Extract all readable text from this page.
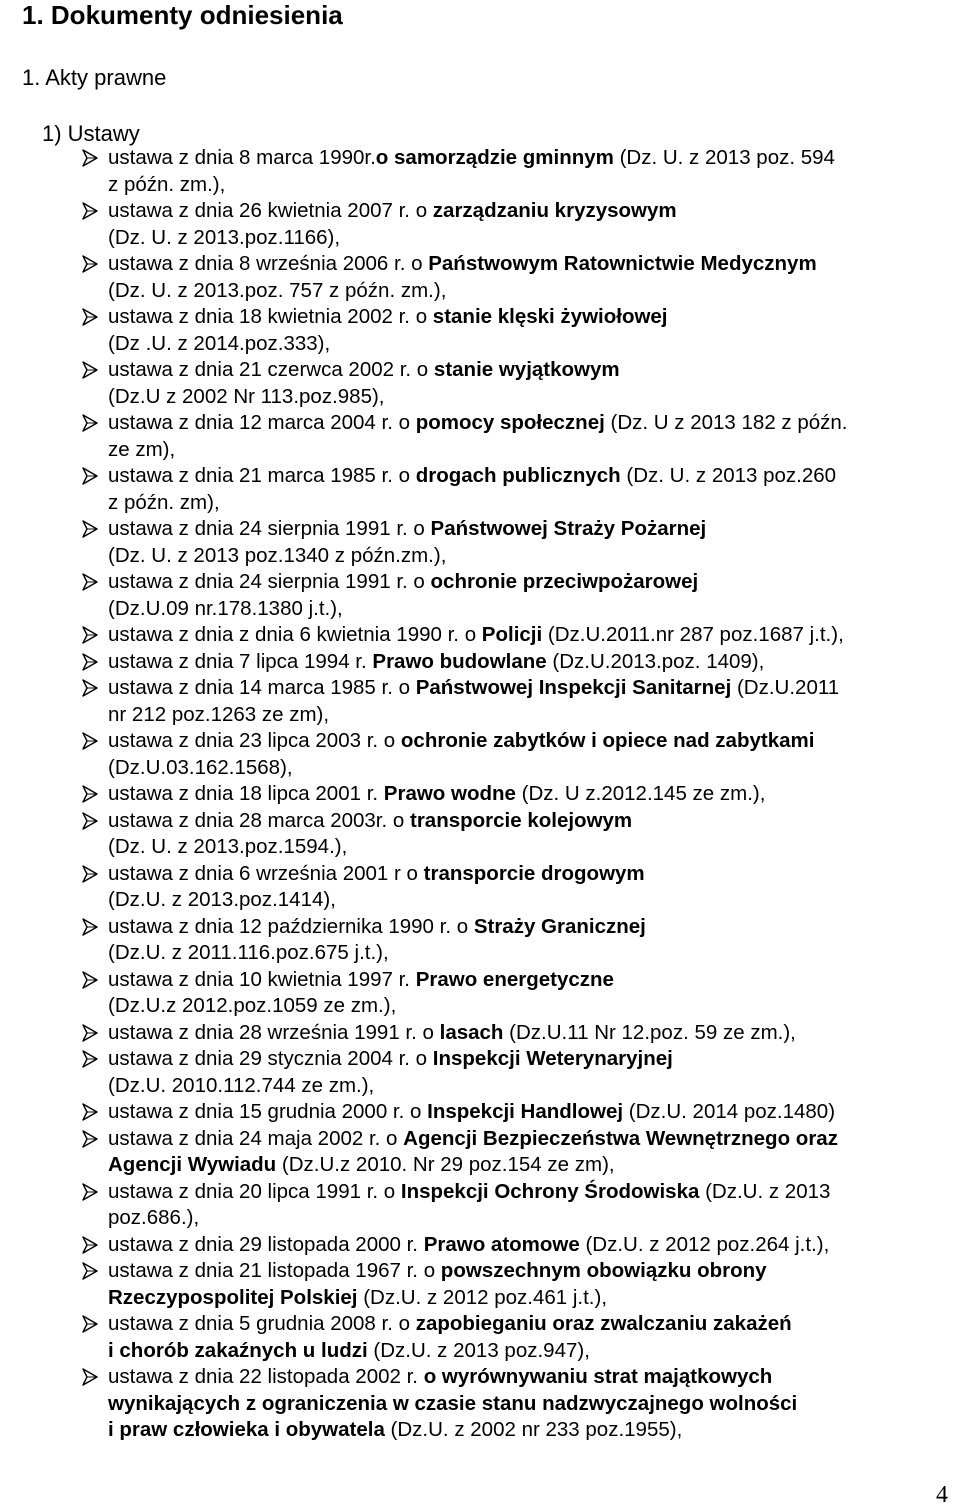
1. Dokumenty odniesienia
1. Akty prawne
1) Ustawy
ustawa z dnia 8 marca 1990r.o samorządzie gminnym (Dz. U. z 2013 poz. 594
z późn. zm.),
ustawa z dnia 26 kwietnia 2007 r. o zarządzaniu kryzysowym
(Dz. U. z 2013.poz.1166),
ustawa z dnia 8 września 2006 r. o Państwowym Ratownictwie Medycznym
(Dz. U. z 2013.poz. 757 z późn. zm.),
ustawa z dnia 18 kwietnia 2002 r. o stanie klęski żywiołowej
(Dz .U. z 2014.poz.333),
ustawa z dnia 21 czerwca 2002 r. o stanie wyjątkowym
(Dz.U z 2002 Nr 113.poz.985),
ustawa z dnia 12 marca 2004 r. o pomocy społecznej (Dz. U z 2013 182 z późn.
ze zm),
ustawa z dnia 21 marca 1985 r. o drogach publicznych (Dz. U. z 2013 poz.260
z późn. zm),
ustawa z dnia 24 sierpnia 1991 r. o Państwowej Straży Pożarnej
(Dz. U. z 2013 poz.1340 z późn.zm.),
ustawa z dnia 24 sierpnia 1991 r. o ochronie przeciwpożarowej
(Dz.U.09 nr.178.1380 j.t.),
ustawa z dnia z dnia 6 kwietnia 1990 r. o Policji (Dz.U.2011.nr 287 poz.1687 j.t.),
ustawa z dnia 7 lipca 1994 r. Prawo budowlane (Dz.U.2013.poz. 1409),
ustawa z dnia 14 marca 1985 r. o Państwowej Inspekcji Sanitarnej (Dz.U.2011
nr 212 poz.1263 ze zm),
ustawa z dnia 23 lipca 2003 r. o ochronie zabytków i opiece nad zabytkami
(Dz.U.03.162.1568),
ustawa z dnia 18 lipca 2001 r. Prawo wodne (Dz. U z.2012.145 ze zm.),
ustawa z dnia 28 marca 2003r. o transporcie kolejowym
(Dz. U. z 2013.poz.1594.),
ustawa z dnia 6 września 2001 r o transporcie drogowym
(Dz.U. z 2013.poz.1414),
ustawa z dnia 12 października 1990 r. o Straży Granicznej
(Dz.U. z 2011.116.poz.675 j.t.),
ustawa z dnia 10 kwietnia 1997 r. Prawo energetyczne
(Dz.U.z 2012.poz.1059 ze zm.),
ustawa z dnia 28 września 1991 r. o lasach (Dz.U.11 Nr 12.poz. 59 ze zm.),
ustawa z dnia 29 stycznia 2004 r. o Inspekcji Weterynaryjnej
(Dz.U. 2010.112.744 ze zm.),
ustawa z dnia 15 grudnia 2000 r. o Inspekcji Handlowej (Dz.U. 2014 poz.1480)
ustawa z dnia 24 maja 2002 r. o Agencji Bezpieczeństwa Wewnętrznego oraz
Agencji Wywiadu (Dz.U.z 2010. Nr 29 poz.154 ze zm),
ustawa z dnia 20 lipca 1991 r. o Inspekcji Ochrony Środowiska (Dz.U. z 2013
poz.686.),
ustawa z dnia 29 listopada 2000 r. Prawo atomowe (Dz.U. z 2012 poz.264 j.t.),
ustawa z dnia 21 listopada 1967 r. o powszechnym obowiązku obrony
Rzeczypospolitej Polskiej (Dz.U. z 2012 poz.461 j.t.),
ustawa z dnia 5 grudnia 2008 r. o zapobieganiu oraz zwalczaniu zakażeń
i chorób zakaźnych u ludzi (Dz.U. z 2013 poz.947),
ustawa z dnia 22 listopada 2002 r. o wyrównywaniu strat majątkowych
wynikających z ograniczenia w czasie stanu nadzwyczajnego wolności
i praw człowieka i obywatela (Dz.U. z 2002 nr 233 poz.1955),
4
